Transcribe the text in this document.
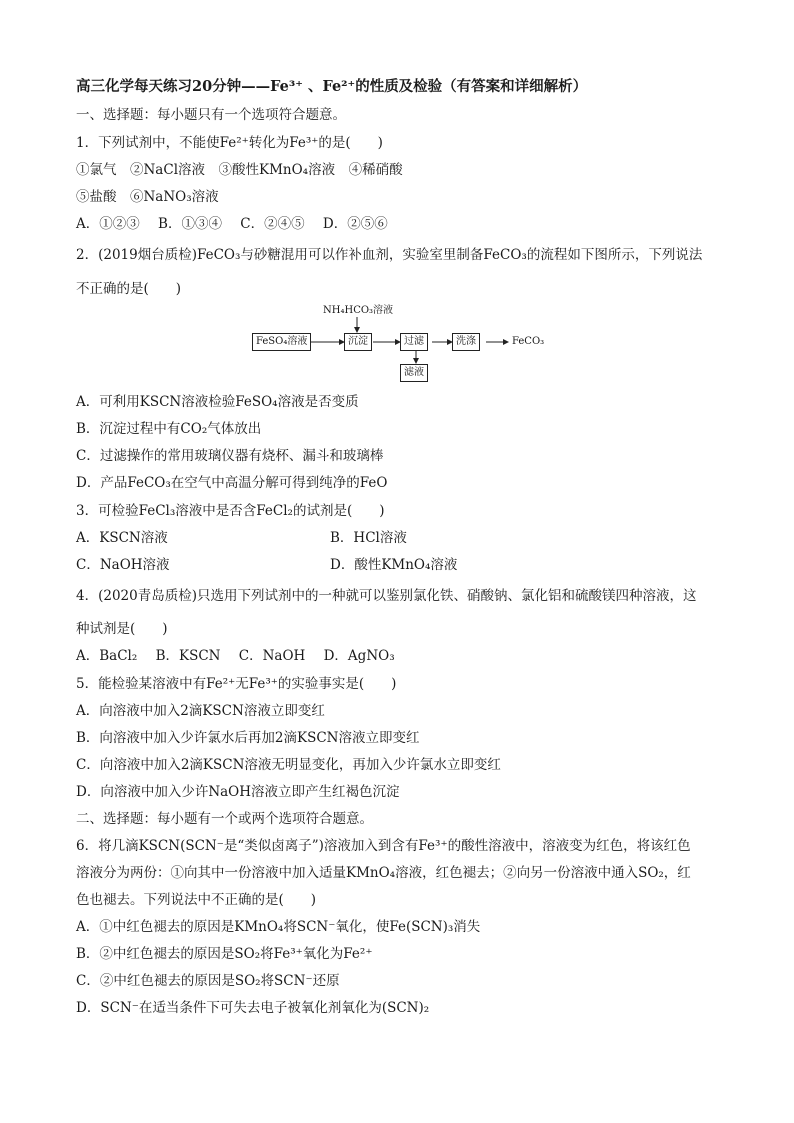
高三化学每天练习20分钟——Fe³⁺ 、Fe²⁺的性质及检验（有答案和详细解析）
一、选择题：每小题只有一个选项符合题意。
1．下列试剂中，不能使Fe²⁺转化为Fe³⁺的是(　　)
①氯气　②NaCl溶液　③酸性KMnO₄溶液　④稀硝酸
⑤盐酸　⑥NaNO₃溶液
A．①②③ B．①③④ C．②④⑤ D．②⑤⑥
2．(2019烟台质检)FeCO₃与砂糖混用可以作补血剂，实验室里制备FeCO₃的流程如下图所示，下列说法
不正确的是(　　)
NH₄HCO₃溶液
FeSO₄溶液	沉淀	过滤	洗涤	FeCO₃
滤液
A．可利用KSCN溶液检验FeSO₄溶液是否变质
B．沉淀过程中有CO₂气体放出
C．过滤操作的常用玻璃仪器有烧杯、漏斗和玻璃棒
D．产品FeCO₃在空气中高温分解可得到纯净的FeO
3．可检验FeCl₃溶液中是否含FeCl₂的试剂是(　　)
A．KSCN溶液	B．HCl溶液
C．NaOH溶液	D．酸性KMnO₄溶液
4．(2020青岛质检)只选用下列试剂中的一种就可以鉴别氯化铁、硝酸钠、氯化铝和硫酸镁四种溶液，这
种试剂是(　　)
A．BaCl₂ B．KSCN C．NaOH D．AgNO₃
5．能检验某溶液中有Fe²⁺无Fe³⁺的实验事实是(　　)
A．向溶液中加入2滴KSCN溶液立即变红
B．向溶液中加入少许氯水后再加2滴KSCN溶液立即变红
C．向溶液中加入2滴KSCN溶液无明显变化，再加入少许氯水立即变红
D．向溶液中加入少许NaOH溶液立即产生红褐色沉淀
二、选择题：每小题有一个或两个选项符合题意。
6．将几滴KSCN(SCN⁻是“类似卤离子”)溶液加入到含有Fe³⁺的酸性溶液中，溶液变为红色，将该红色
溶液分为两份：①向其中一份溶液中加入适量KMnO₄溶液，红色褪去；②向另一份溶液中通入SO₂，红
色也褪去。下列说法中不正确的是(　　)
A．①中红色褪去的原因是KMnO₄将SCN⁻氧化，使Fe(SCN)₃消失
B．②中红色褪去的原因是SO₂将Fe³⁺氧化为Fe²⁺
C．②中红色褪去的原因是SO₂将SCN⁻还原
D．SCN⁻在适当条件下可失去电子被氧化剂氧化为(SCN)₂
